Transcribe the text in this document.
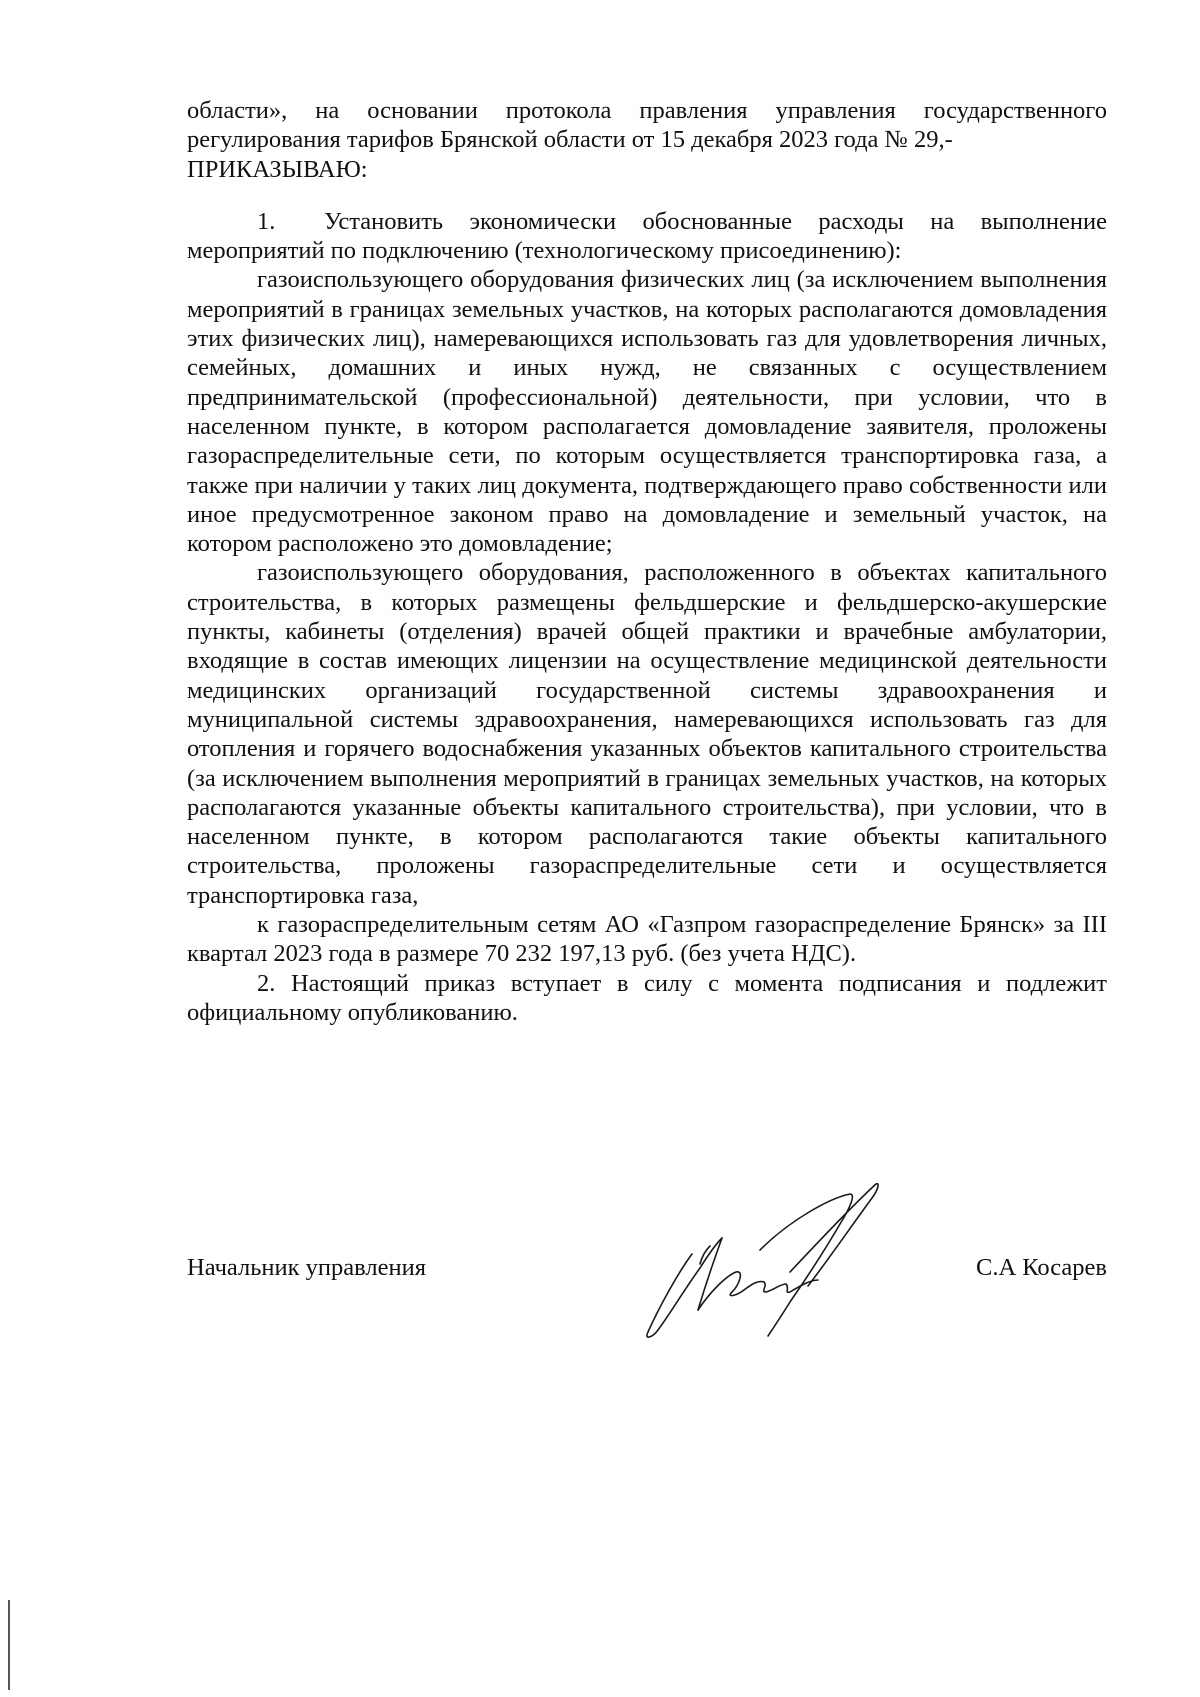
области», на основании протокола правления управления государственного регулирования тарифов Брянской области от 15 декабря 2023 года № 29,-

ПРИКАЗЫВАЮ:

1. Установить экономически обоснованные расходы на выполнение мероприятий по подключению (технологическому присоединению):

газоиспользующего оборудования физических лиц (за исключением выполнения мероприятий в границах земельных участков, на которых располагаются домовладения этих физических лиц), намеревающихся использовать газ для удовлетворения личных, семейных, домашних и иных нужд, не связанных с осуществлением предпринимательской (профессиональной) деятельности, при условии, что в населенном пункте, в котором располагается домовладение заявителя, проложены газораспределительные сети, по которым осуществляется транспортировка газа, а также при наличии у таких лиц документа, подтверждающего право собственности или иное предусмотренное законом право на домовладение и земельный участок, на котором расположено это домовладение;

газоиспользующего оборудования, расположенного в объектах капитального строительства, в которых размещены фельдшерские и фельдшерско-акушерские пункты, кабинеты (отделения) врачей общей практики и врачебные амбулатории, входящие в состав имеющих лицензии на осуществление медицинской деятельности медицинских организаций государственной системы здравоохранения и муниципальной системы здравоохранения, намеревающихся использовать газ для отопления и горячего водоснабжения указанных объектов капитального строительства (за исключением выполнения мероприятий в границах земельных участков, на которых располагаются указанные объекты капитального строительства), при условии, что в населенном пункте, в котором располагаются такие объекты капитального строительства, проложены газораспределительные сети и осуществляется транспортировка газа,

к газораспределительным сетям АО «Газпром газораспределение Брянск» за III квартал 2023 года в размере 70 232 197,13 руб. (без учета НДС).

2. Настоящий приказ вступает в силу с момента подписания и подлежит официальному опубликованию.

Начальник управления	С.А Косарев
